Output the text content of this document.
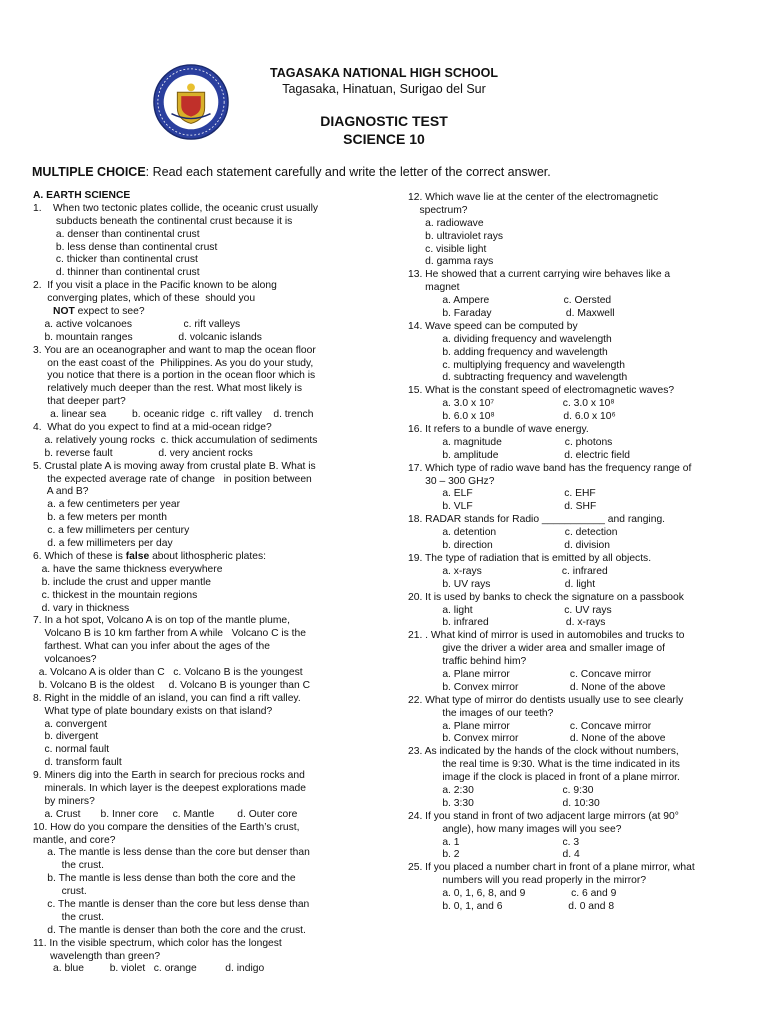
TAGASAKA NATIONAL HIGH SCHOOL
Tagasaka, Hinatuan, Surigao del Sur
DIAGNOSTIC TEST
SCIENCE 10
MULTIPLE CHOICE: Read each statement carefully and write the letter of the correct answer.
A. EARTH SCIENCE
1.    When two tectonic plates collide, the oceanic crust usually
subducts beneath the continental crust because it is
a. denser than continental crust
b. less dense than continental crust
c. thicker than continental crust
d. thinner than continental crust
2.  If you visit a place in the Pacific known to be along
converging plates, which of these  should you
NOT expect to see?
a. active volcanoes                  c. rift valleys
b. mountain ranges                d. volcanic islands
3. You are an oceanographer and want to map the ocean floor
on the east coast of the  Philippines. As you do your study,
you notice that there is a portion in the ocean floor which is
relatively much deeper than the rest. What most likely is
that deeper part?
a. linear sea         b. oceanic ridge  c. rift valley    d. trench
4.  What do you expect to find at a mid-ocean ridge?
a. relatively young rocks  c. thick accumulation of sediments
b. reverse fault                d. very ancient rocks
5. Crustal plate A is moving away from crustal plate B. What is
the expected average rate of change   in position between
A and B?
a. a few centimeters per year
b. a few meters per month
c. a few millimeters per century
d. a few millimeters per day
6. Which of these is false about lithospheric plates:
a. have the same thickness everywhere
b. include the crust and upper mantle
c. thickest in the mountain regions
d. vary in thickness
7. In a hot spot, Volcano A is on top of the mantle plume,
Volcano B is 10 km farther from A while   Volcano C is the
farthest. What can you infer about the ages of the
volcanoes?
a. Volcano A is older than C   c. Volcano B is the youngest
b. Volcano B is the oldest     d. Volcano B is younger than C
8. Right in the middle of an island, you can find a rift valley.
What type of plate boundary exists on that island?
a. convergent
b. divergent
c. normal fault
d. transform fault
9. Miners dig into the Earth in search for precious rocks and
minerals. In which layer is the deepest explorations made
by miners?
a. Crust       b. Inner core     c. Mantle        d. Outer core
10. How do you compare the densities of the Earth’s crust,
mantle, and core?
a. The mantle is less dense than the core but denser than
the crust.
b. The mantle is less dense than both the core and the
crust.
c. The mantle is denser than the core but less dense than
the crust.
d. The mantle is denser than both the core and the crust.
11. In the visible spectrum, which color has the longest
wavelength than green?
a. blue         b. violet   c. orange          d. indigo
12. Which wave lie at the center of the electromagnetic
spectrum?
a. radiowave
b. ultraviolet rays
c. visible light
d. gamma rays
13. He showed that a current carrying wire behaves like a
magnet
a. Ampere                          c. Oersted
b. Faraday                          d. Maxwell
14. Wave speed can be computed by
a. dividing frequency and wavelength
b. adding frequency and wavelength
c. multiplying frequency and wavelength
d. subtracting frequency and wavelength
15. What is the constant speed of electromagnetic waves?
a. 3.0 x 10⁷                        c. 3.0 x 10⁸
b. 6.0 x 10⁸                        d. 6.0 x 10⁶
16. It refers to a bundle of wave energy.
a. magnitude                      c. photons
b. amplitude                       d. electric field
17. Which type of radio wave band has the frequency range of
30 – 300 GHz?
a. ELF                                c. EHF
b. VLF                                d. SHF
18. RADAR stands for Radio ___________ and ranging.
a. detention                        c. detection
b. direction                         d. division
19. The type of radiation that is emitted by all objects.
a. x-rays                            c. infrared
b. UV rays                          d. light
20. It is used by banks to check the signature on a passbook
a. light                                c. UV rays
b. infrared                           d. x-rays
21. . What kind of mirror is used in automobiles and trucks to
give the driver a wider area and smaller image of
traffic behind him?
a. Plane mirror                     c. Concave mirror
b. Convex mirror                  d. None of the above
22. What type of mirror do dentists usually use to see clearly
the images of our teeth?
a. Plane mirror                     c. Concave mirror
b. Convex mirror                  d. None of the above
23. As indicated by the hands of the clock without numbers,
the real time is 9:30. What is the time indicated in its
image if the clock is placed in front of a plane mirror.
a. 2:30                               c. 9:30
b. 3:30                               d. 10:30
24. If you stand in front of two adjacent large mirrors (at 90°
angle), how many images will you see?
a. 1                                    c. 3
b. 2                                    d. 4
25. If you placed a number chart in front of a plane mirror, what
numbers will you read properly in the mirror?
a. 0, 1, 6, 8, and 9                c. 6 and 9
b. 0, 1, and 6                       d. 0 and 8
